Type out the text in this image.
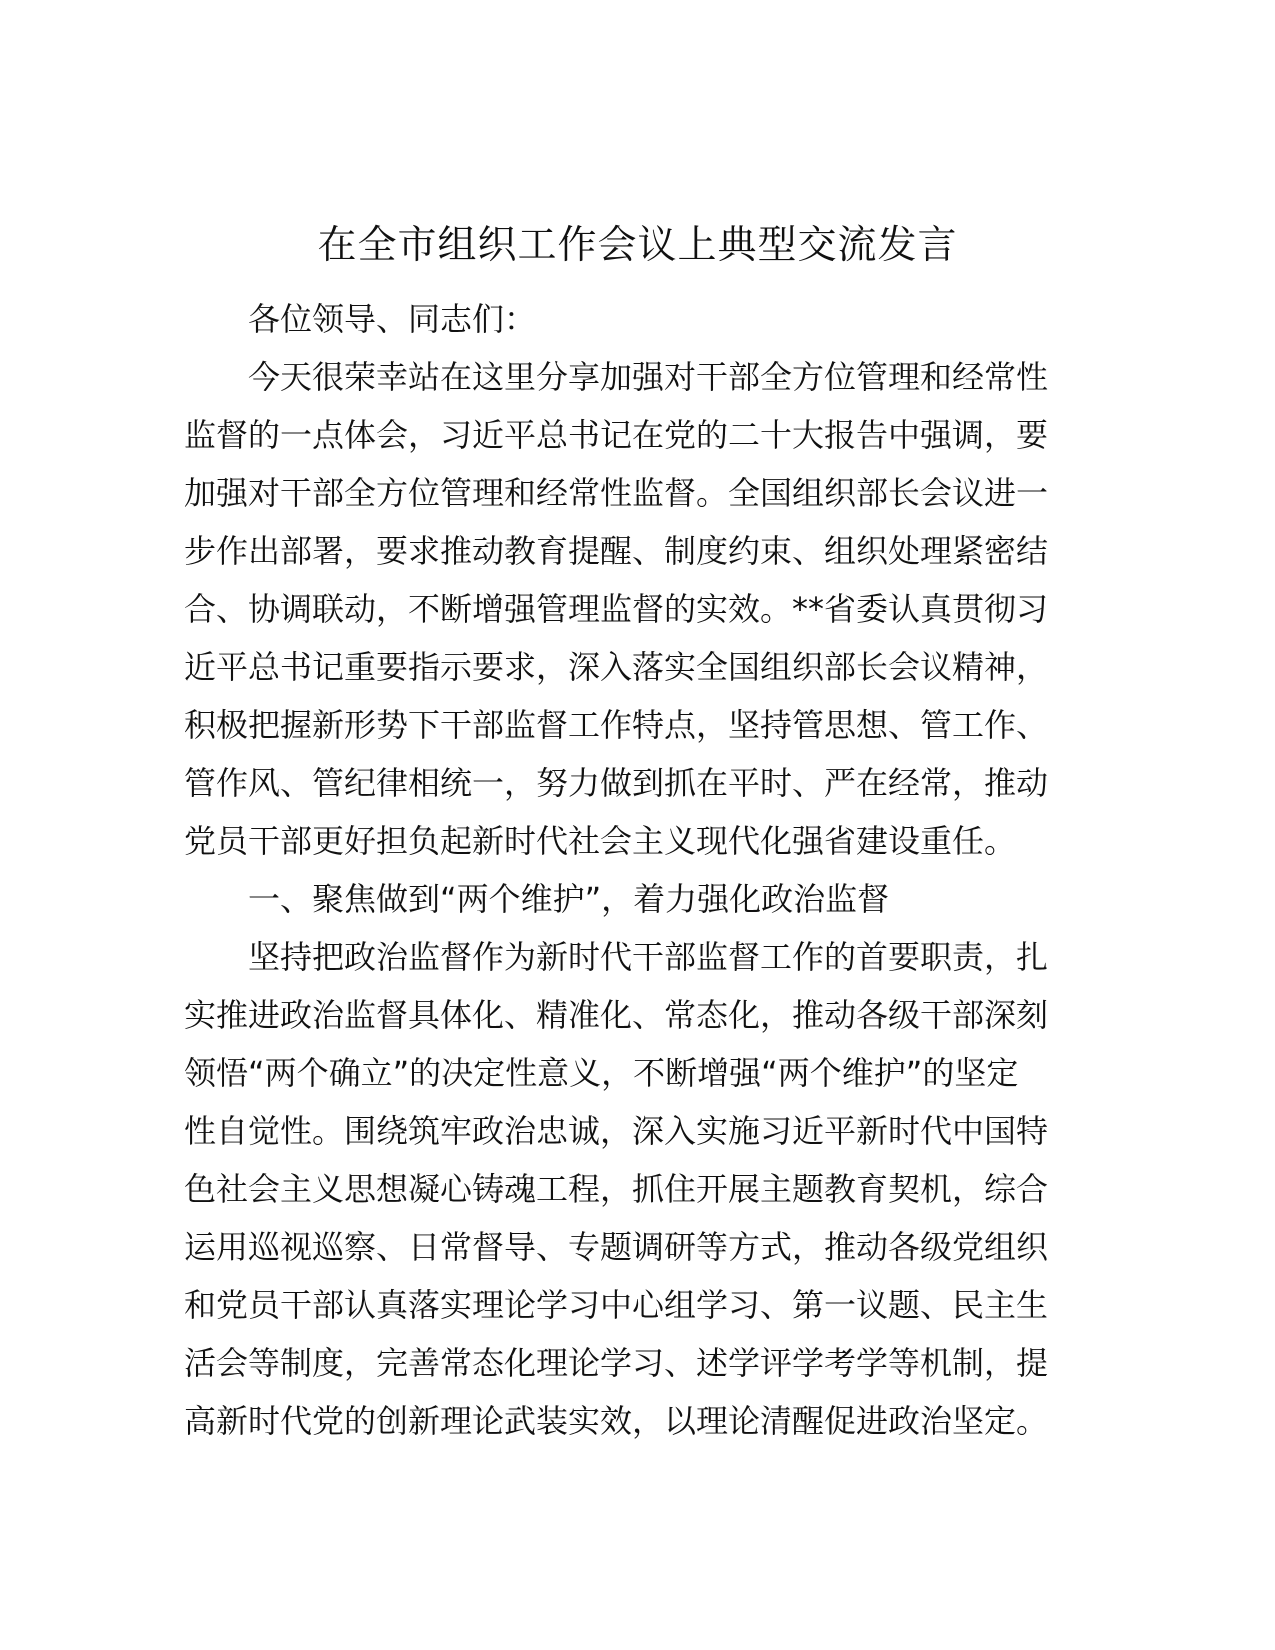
在全市组织工作会议上典型交流发言

各位领导、同志们：

今天很荣幸站在这里分享加强对干部全方位管理和经常性
监督的一点体会，习近平总书记在党的二十大报告中强调，要
加强对干部全方位管理和经常性监督。全国组织部长会议进一
步作出部署，要求推动教育提醒、制度约束、组织处理紧密结
合、协调联动，不断增强管理监督的实效。**省委认真贯彻习
近平总书记重要指示要求，深入落实全国组织部长会议精神，
积极把握新形势下干部监督工作特点，坚持管思想、管工作、
管作风、管纪律相统一，努力做到抓在平时、严在经常，推动
党员干部更好担负起新时代社会主义现代化强省建设重任。

一、聚焦做到“两个维护”，着力强化政治监督

坚持把政治监督作为新时代干部监督工作的首要职责，扎
实推进政治监督具体化、精准化、常态化，推动各级干部深刻
领悟“两个确立”的决定性意义，不断增强“两个维护”的坚定
性自觉性。围绕筑牢政治忠诚，深入实施习近平新时代中国特
色社会主义思想凝心铸魂工程，抓住开展主题教育契机，综合
运用巡视巡察、日常督导、专题调研等方式，推动各级党组织
和党员干部认真落实理论学习中心组学习、第一议题、民主生
活会等制度，完善常态化理论学习、述学评学考学等机制，提
高新时代党的创新理论武装实效，以理论清醒促进政治坚定。
